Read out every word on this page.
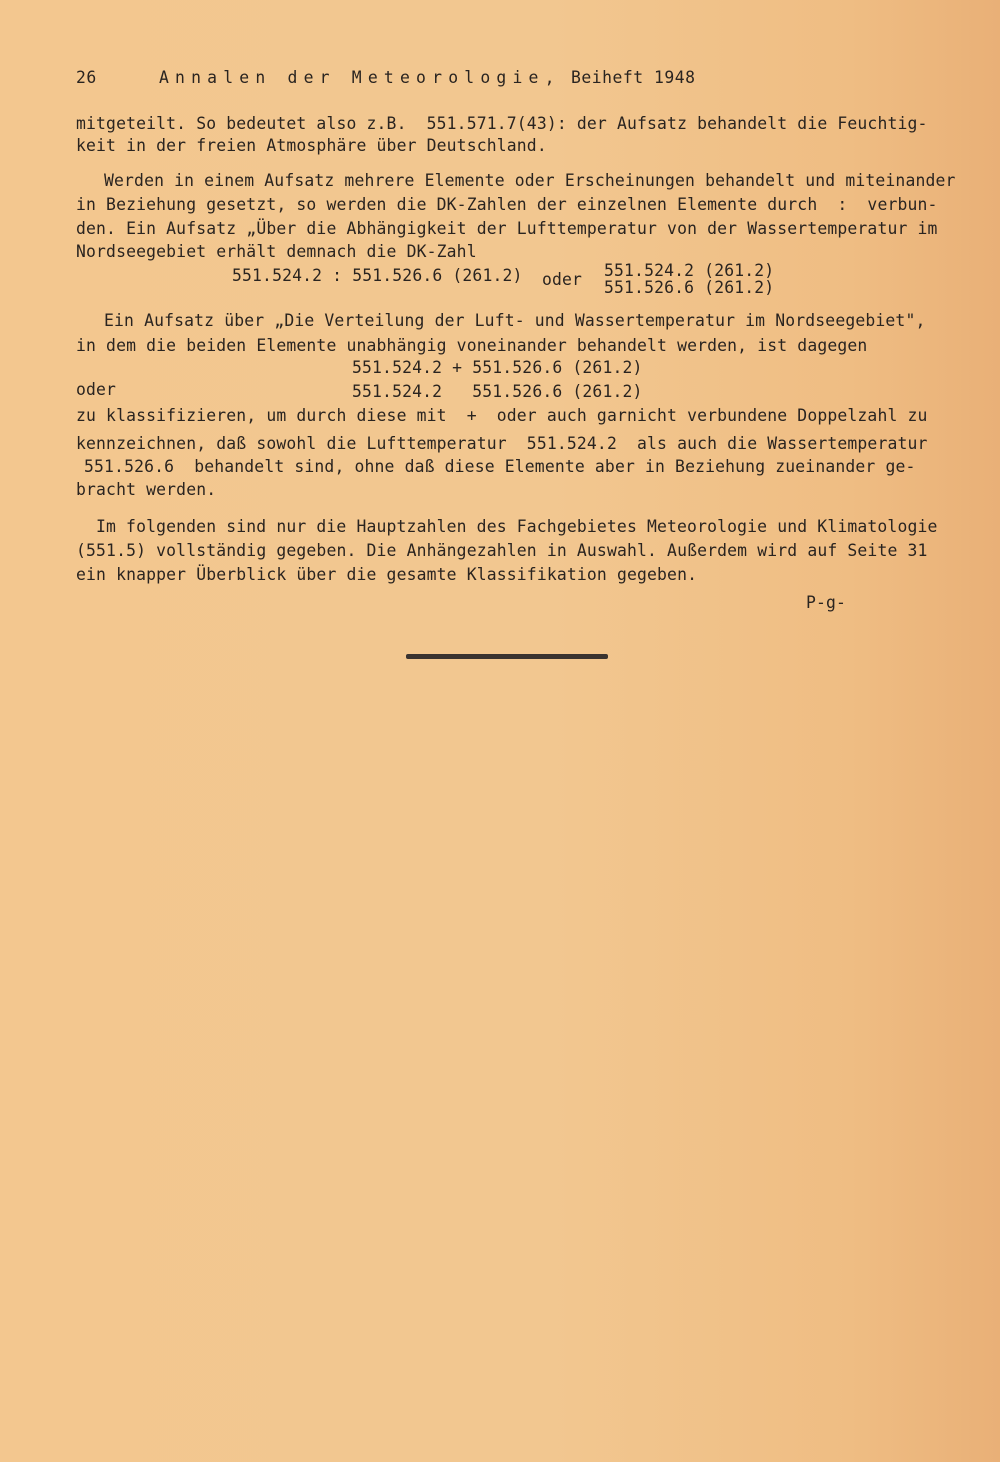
26	Annalen der Meteorologie, Beiheft 1948
mitgeteilt. So bedeutet also z.B.  551.571.7(43): der Aufsatz behandelt die Feuchtig-
keit in der freien Atmosphäre über Deutschland.
Werden in einem Aufsatz mehrere Elemente oder Erscheinungen behandelt und miteinander
in Beziehung gesetzt, so werden die DK-Zahlen der einzelnen Elemente durch  :  verbun-
den. Ein Aufsatz „Über die Abhängigkeit der Lufttemperatur von der Wassertemperatur im
Nordseegebiet erhält demnach die DK-Zahl
551.524.2 : 551.526.6 (261.2) oder 551.524.2 (261.2)
551.526.6 (261.2)
Ein Aufsatz über „Die Verteilung der Luft- und Wassertemperatur im Nordseegebiet",
in dem die beiden Elemente unabhängig voneinander behandelt werden, ist dagegen
551.524.2 + 551.526.6 (261.2)
oder	551.524.2   551.526.6 (261.2)
zu klassifizieren, um durch diese mit  +  oder auch garnicht verbundene Doppelzahl zu
kennzeichnen, daß sowohl die Lufttemperatur  551.524.2  als auch die Wassertemperatur
551.526.6  behandelt sind, ohne daß diese Elemente aber in Beziehung zueinander ge-
bracht werden.
Im folgenden sind nur die Hauptzahlen des Fachgebietes Meteorologie und Klimatologie
(551.5) vollständig gegeben. Die Anhängezahlen in Auswahl. Außerdem wird auf Seite 31
ein knapper Überblick über die gesamte Klassifikation gegeben.
P-g-
